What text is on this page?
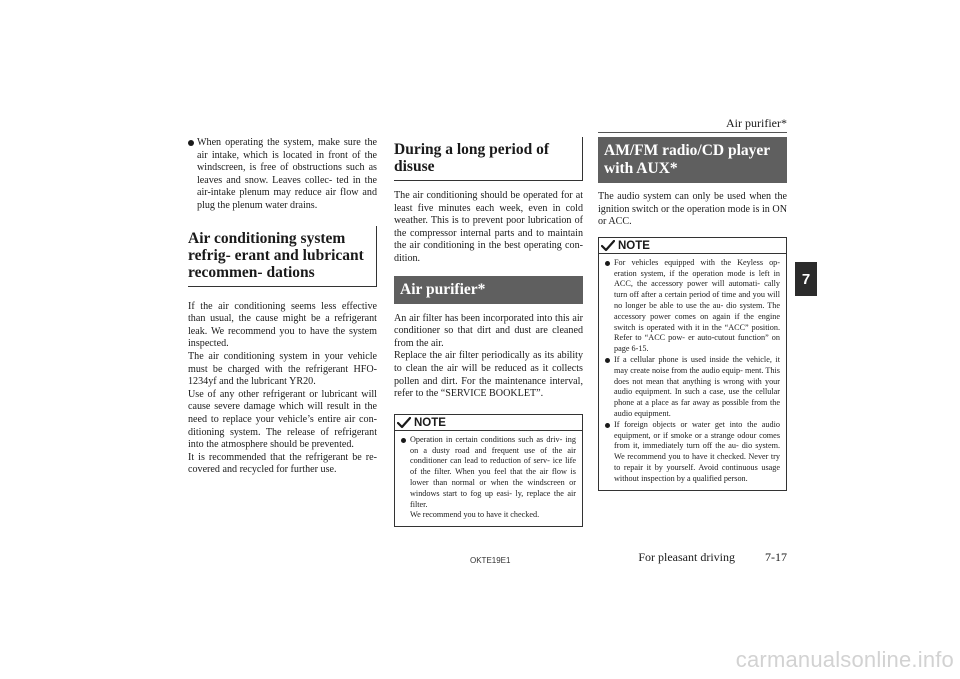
Air purifier*
7
When operating the system, make sure the air intake, which is located in front of the windscreen, is free of obstructions such as leaves and snow. Leaves collec- ted in the air-intake plenum may reduce air flow and plug the plenum water drains.
Air conditioning system refrig- erant and lubricant recommen- dations
If the air conditioning seems less effective than usual, the cause might be a refrigerant leak. We recommend you to have the system inspected.
The air conditioning system in your vehicle must be charged with the refrigerant HFO- 1234yf and the lubricant YR20.
Use of any other refrigerant or lubricant will cause severe damage which will result in the need to replace your vehicle’s entire air con- ditioning system. The release of refrigerant into the atmosphere should be prevented.
It is recommended that the refrigerant be re- covered and recycled for further use.
During a long period of disuse
The air conditioning should be operated for at least five minutes each week, even in cold weather. This is to prevent poor lubrication of the compressor internal parts and to maintain the air conditioning in the best operating con- dition.
Air purifier*
An air filter has been incorporated into this air conditioner so that dirt and dust are cleaned from the air.
Replace the air filter periodically as its ability to clean the air will be reduced as it collects pollen and dirt. For the maintenance interval, refer to the “SERVICE BOOKLET”.
NOTE
Operation in certain conditions such as driv- ing on a dusty road and frequent use of the air conditioner can lead to reduction of serv- ice life of the filter. When you feel that the air flow is lower than normal or when the windscreen or windows start to fog up easi- ly, replace the air filter.
We recommend you to have it checked.
AM/FM radio/CD player with AUX*
The audio system can only be used when the ignition switch or the operation mode is in ON or ACC.
NOTE
For vehicles equipped with the Keyless op- eration system, if the operation mode is left in ACC, the accessory power will automati- cally turn off after a certain period of time and you will no longer be able to use the au- dio system. The accessory power comes on again if the engine switch is operated with it in the “ACC” position. Refer to “ACC pow- er auto-cutout function” on page 6-15.
If a cellular phone is used inside the vehicle, it may create noise from the audio equip- ment. This does not mean that anything is wrong with your audio equipment. In such a case, use the cellular phone at a place as far away as possible from the audio equipment.
If foreign objects or water get into the audio equipment, or if smoke or a strange odour comes from it, immediately turn off the au- dio system. We recommend you to have it checked. Never try to repair it by yourself. Avoid continuous usage without inspection by a qualified person.
OKTE19E1	For pleasant driving	7-17
carmanualsonline.info
